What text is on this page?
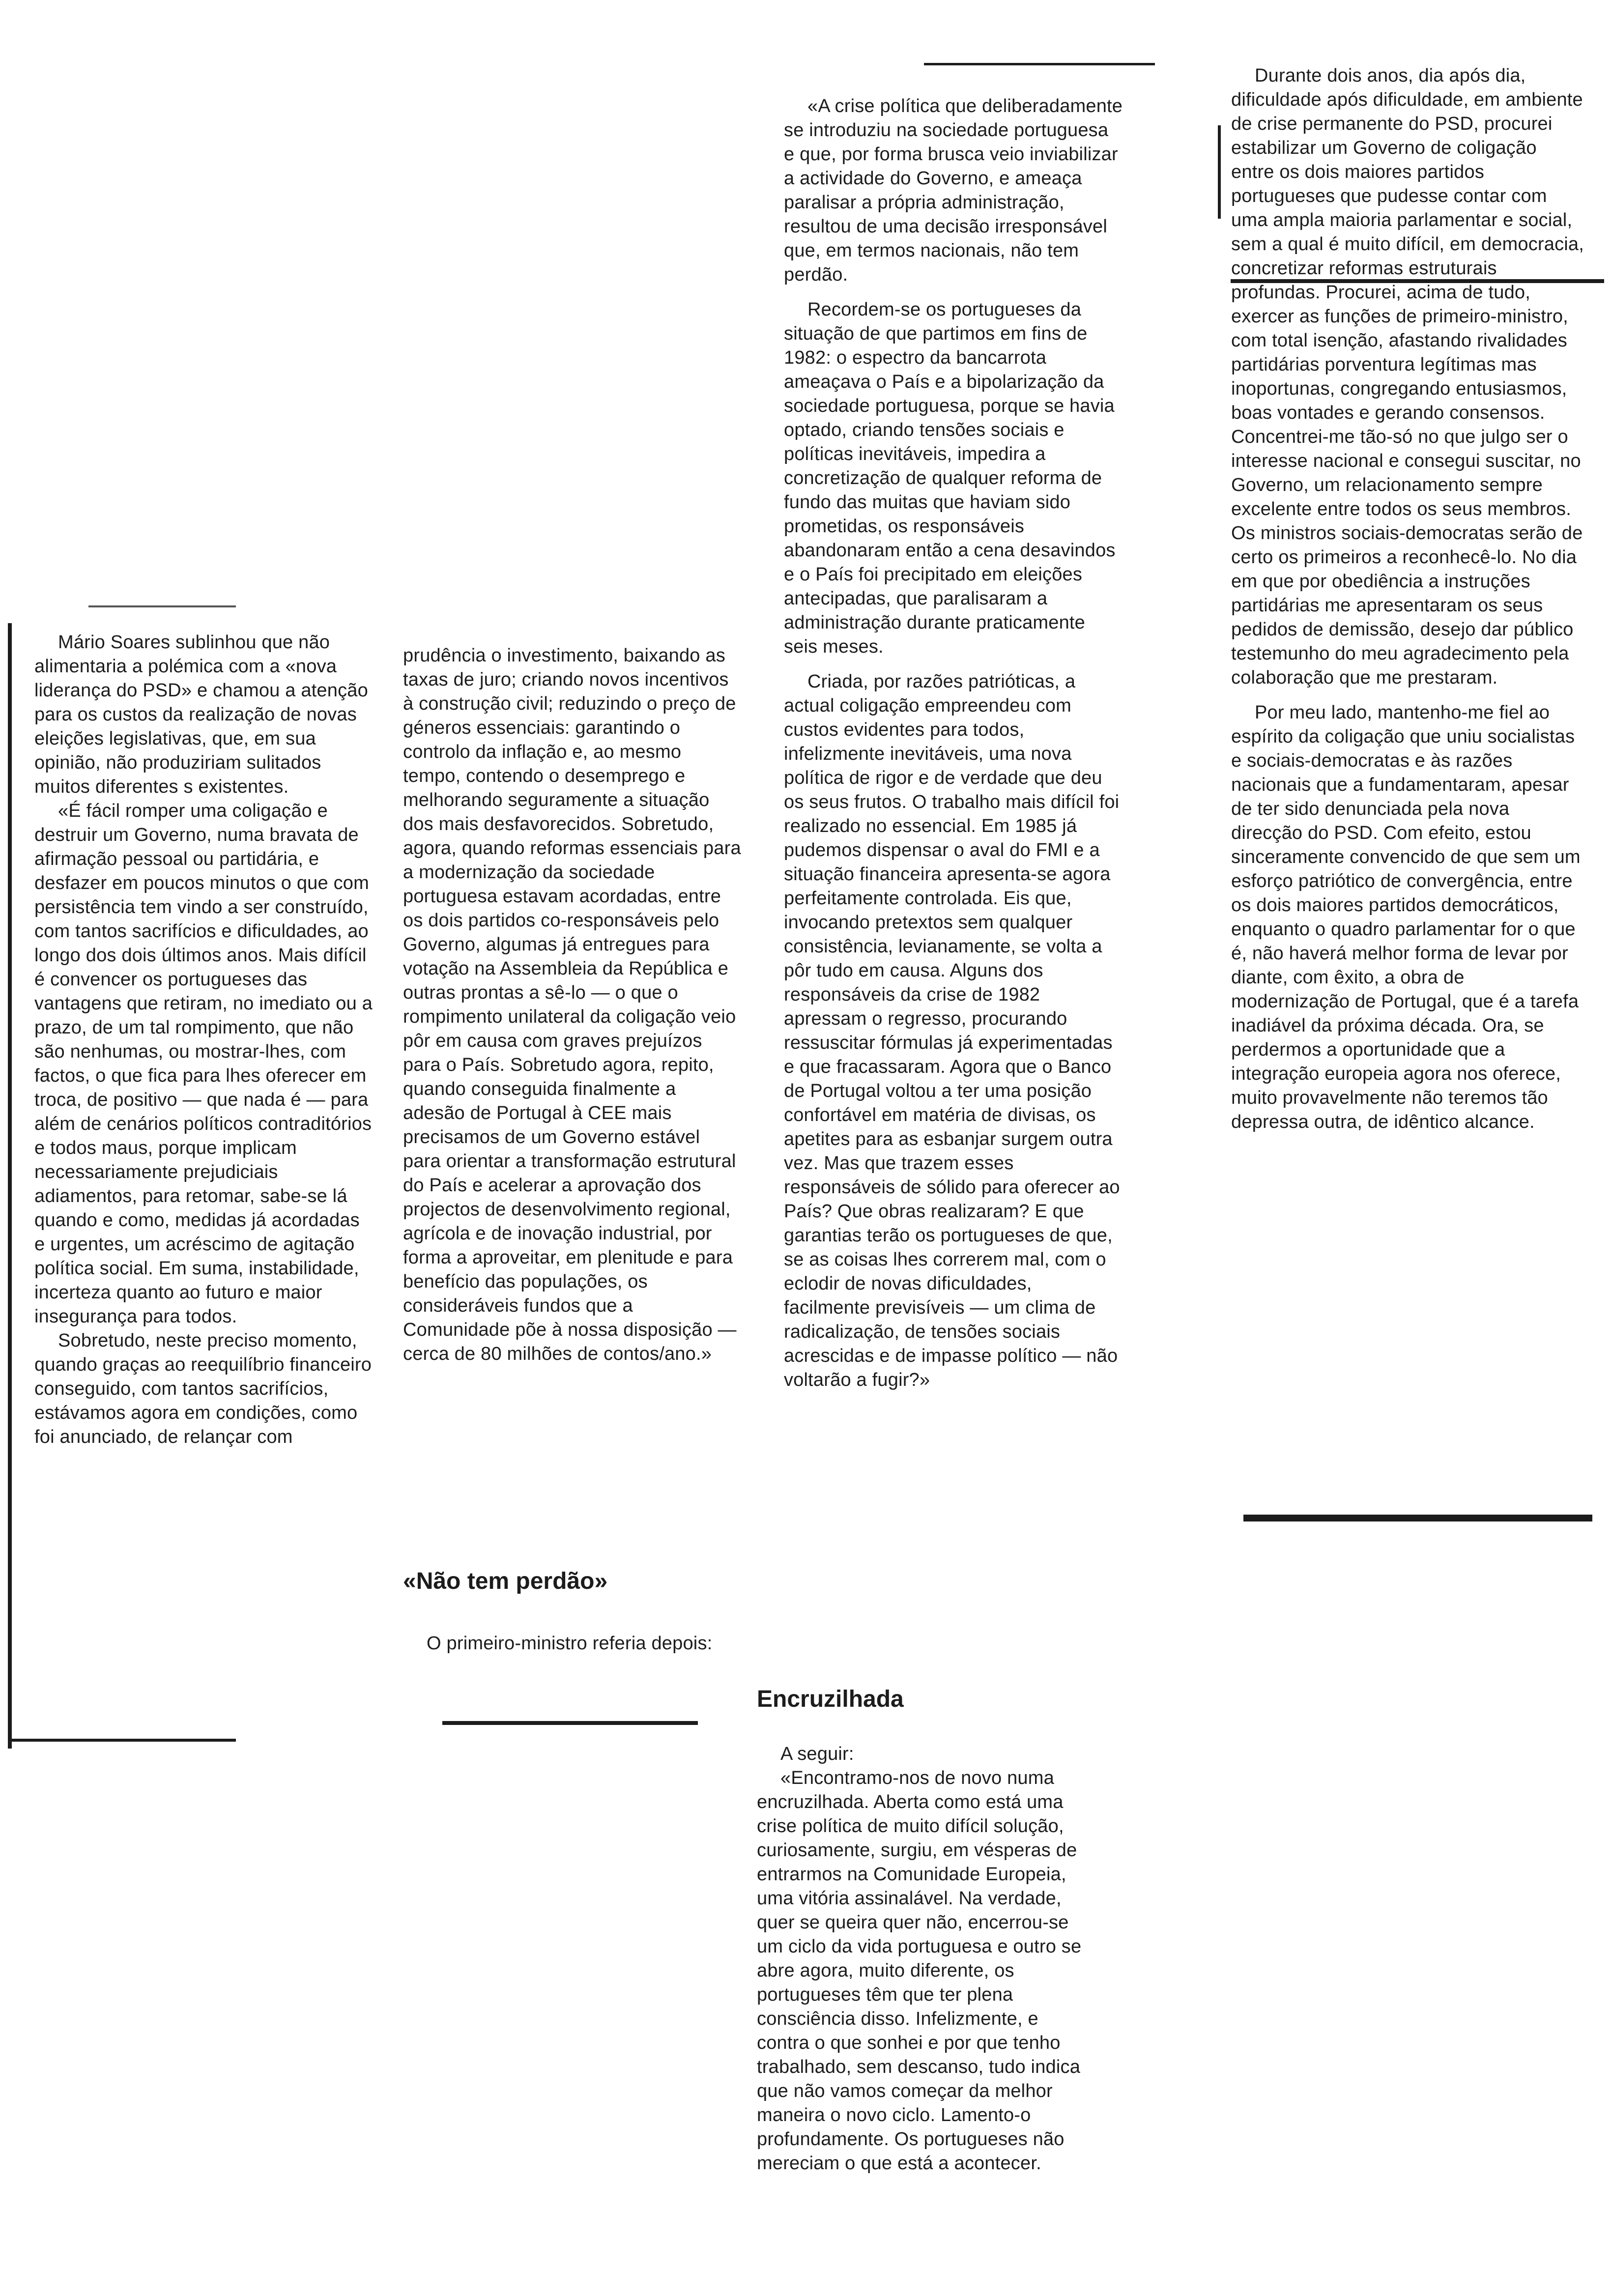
Mário Soares sublinhou que não alimentaria a polémica com a «nova liderança do PSD» e chamou a atenção para os custos da realização de novas eleições legislativas, que, em sua opinião, não produziriam sulitados muitos diferentes s existentes.

«É fácil romper uma coligação e destruir um Governo, numa bravata de afirmação pessoal ou partidária, e desfazer em poucos minutos o que com persistência tem vindo a ser construído, com tantos sacrifícios e dificuldades, ao longo dos dois últimos anos. Mais difícil é convencer os portugueses das vantagens que retiram, no imediato ou a prazo, de um tal rompimento, que não são nenhumas, ou mostrar-lhes, com factos, o que fica para lhes oferecer em troca, de positivo — que nada é — para além de cenários políticos contraditórios e todos maus, porque implicam necessariamente prejudiciais adiamentos, para retomar, sabe-se lá quando e como, medidas já acordadas e urgentes, um acréscimo de agitação política social. Em suma, instabilidade, incerteza quanto ao futuro e maior insegurança para todos.

Sobretudo, neste preciso momento, quando graças ao reequilíbrio financeiro conseguido, com tantos sacrifícios, estávamos agora em condições, como foi anunciado, de relançar com

prudência o investimento, baixando as taxas de juro; criando novos incentivos à construção civil; reduzindo o preço de géneros essenciais: garantindo o controlo da inflação e, ao mesmo tempo, contendo o desemprego e melhorando seguramente a situação dos mais desfavorecidos. Sobretudo, agora, quando reformas essenciais para a modernização da sociedade portuguesa estavam acordadas, entre os dois partidos co-responsáveis pelo Governo, algumas já entregues para votação na Assembleia da República e outras prontas a sê-lo — o que o rompimento unilateral da coligação veio pôr em causa com graves prejuízos para o País. Sobretudo agora, repito, quando conseguida finalmente a adesão de Portugal à CEE mais precisamos de um Governo estável para orientar a transformação estrutural do País e acelerar a aprovação dos projectos de desenvolvimento regional, agrícola e de inovação industrial, por forma a aproveitar, em plenitude e para benefício das populações, os consideráveis fundos que a Comunidade põe à nossa disposição — cerca de 80 milhões de contos/ano.»

«Não tem perdão»

O primeiro-ministro referia depois:

«A crise política que deliberadamente se introduziu na sociedade portuguesa e que, por forma brusca veio inviabilizar a actividade do Governo, e ameaça paralisar a própria administração, resultou de uma decisão irresponsável que, em termos nacionais, não tem perdão.

Recordem-se os portugueses da situação de que partimos em fins de 1982: o espectro da bancarrota ameaçava o País e a bipolarização da sociedade portuguesa, porque se havia optado, criando tensões sociais e políticas inevitáveis, impedira a concretização de qualquer reforma de fundo das muitas que haviam sido prometidas, os responsáveis abandonaram então a cena desavindos e o País foi precipitado em eleições antecipadas, que paralisaram a administração durante praticamente seis meses.

Criada, por razões patrióticas, a actual coligação empreendeu com custos evidentes para todos, infelizmente inevitáveis, uma nova política de rigor e de verdade que deu os seus frutos. O trabalho mais difícil foi realizado no essencial. Em 1985 já pudemos dispensar o aval do FMI e a situação financeira apresenta-se agora perfeitamente controlada. Eis que, invocando pretextos sem qualquer consistência, levianamente, se volta a pôr tudo em causa. Alguns dos responsáveis da crise de 1982 apressam o regresso, procurando ressuscitar fórmulas já experimentadas e que fracassaram. Agora que o Banco de Portugal voltou a ter uma posição confortável em matéria de divisas, os apetites para as esbanjar surgem outra vez. Mas que trazem esses responsáveis de sólido para oferecer ao País? Que obras realizaram? E que garantias terão os portugueses de que, se as coisas lhes correrem mal, com o eclodir de novas dificuldades, facilmente previsíveis — um clima de radicalização, de tensões sociais acrescidas e de impasse político — não voltarão a fugir?»

Encruzilhada

A seguir:

«Encontramo-nos de novo numa encruzilhada. Aberta como está uma crise política de muito difícil solução, curiosamente, surgiu, em vésperas de entrarmos na Comunidade Europeia, uma vitória assinalável. Na verdade, quer se queira quer não, encerrou-se um ciclo da vida portuguesa e outro se abre agora, muito diferente, os portugueses têm que ter plena consciência disso. Infelizmente, e contra o que sonhei e por que tenho trabalhado, sem descanso, tudo indica que não vamos começar da melhor maneira o novo ciclo. Lamento-o profundamente. Os portugueses não mereciam o que está a acontecer.

Durante dois anos, dia após dia, dificuldade após dificuldade, em ambiente de crise permanente do PSD, procurei estabilizar um Governo de coligação entre os dois maiores partidos portugueses que pudesse contar com uma ampla maioria parlamentar e social, sem a qual é muito difícil, em democracia, concretizar reformas estruturais profundas. Procurei, acima de tudo, exercer as funções de primeiro-ministro, com total isenção, afastando rivalidades partidárias porventura legítimas mas inoportunas, congregando entusiasmos, boas vontades e gerando consensos. Concentrei-me tão-só no que julgo ser o interesse nacional e consegui suscitar, no Governo, um relacionamento sempre excelente entre todos os seus membros. Os ministros sociais-democratas serão de certo os primeiros a reconhecê-lo. No dia em que por obediência a instruções partidárias me apresentaram os seus pedidos de demissão, desejo dar público testemunho do meu agradecimento pela colaboração que me prestaram.

Por meu lado, mantenho-me fiel ao espírito da coligação que uniu socialistas e sociais-democratas e às razões nacionais que a fundamentaram, apesar de ter sido denunciada pela nova direcção do PSD. Com efeito, estou sinceramente convencido de que sem um esforço patriótico de convergência, entre os dois maiores partidos democráticos, enquanto o quadro parlamentar for o que é, não haverá melhor forma de levar por diante, com êxito, a obra de modernização de Portugal, que é a tarefa inadiável da próxima década. Ora, se perdermos a oportunidade que a integração europeia agora nos oferece, muito provavelmente não teremos tão depressa outra, de idêntico alcance.
